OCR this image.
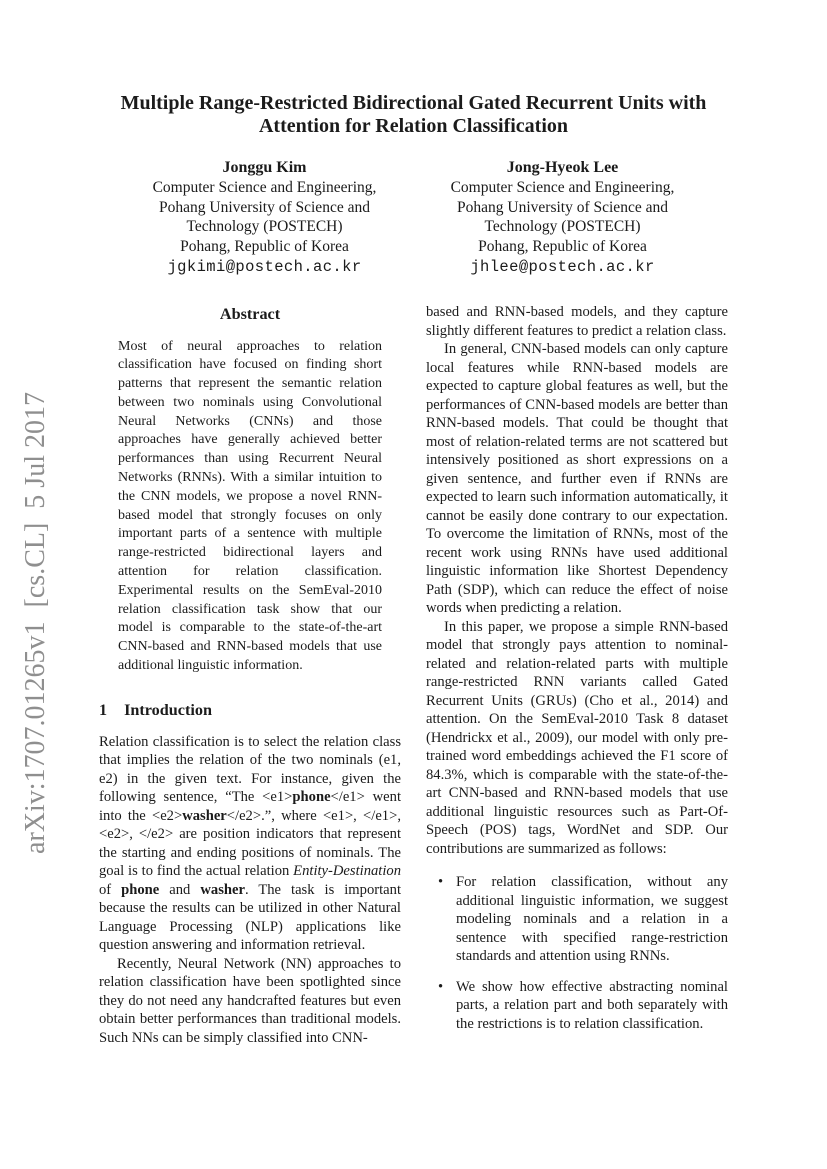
arXiv:1707.01265v1  [cs.CL]  5 Jul 2017
Multiple Range-Restricted Bidirectional Gated Recurrent Units with
Attention for Relation Classification
Jonggu Kim
Computer Science and Engineering,
Pohang University of Science and
Technology (POSTECH)
Pohang, Republic of Korea
jgkimi@postech.ac.kr
Jong-Hyeok Lee
Computer Science and Engineering,
Pohang University of Science and
Technology (POSTECH)
Pohang, Republic of Korea
jhlee@postech.ac.kr
Abstract

Most of neural approaches to relation classification have focused on finding short patterns that represent the semantic relation between two nominals using Convolutional Neural Networks (CNNs) and those approaches have generally achieved better performances than using Recurrent Neural Networks (RNNs). With a similar intuition to the CNN models, we propose a novel RNN-based model that strongly focuses on only important parts of a sentence with multiple range-restricted bidirectional layers and attention for relation classification. Experimental results on the SemEval-2010 relation classification task show that our model is comparable to the state-of-the-art CNN-based and RNN-based models that use additional linguistic information.

1 Introduction

Relation classification is to select the relation class that implies the relation of the two nominals (e1, e2) in the given text. For instance, given the following sentence, “The <e1>phone</e1> went into the <e2>washer</e2>.”, where <e1>, </e1>, <e2>, </e2> are position indicators that represent the starting and ending positions of nominals. The goal is to find the actual relation Entity-Destination of phone and washer. The task is important because the results can be utilized in other Natural Language Processing (NLP) applications like question answering and information retrieval.

Recently, Neural Network (NN) approaches to relation classification have been spotlighted since they do not need any handcrafted features but even obtain better performances than traditional models. Such NNs can be simply classified into CNN-

based and RNN-based models, and they capture slightly different features to predict a relation class.

In general, CNN-based models can only capture local features while RNN-based models are expected to capture global features as well, but the performances of CNN-based models are better than RNN-based models. That could be thought that most of relation-related terms are not scattered but intensively positioned as short expressions on a given sentence, and further even if RNNs are expected to learn such information automatically, it cannot be easily done contrary to our expectation. To overcome the limitation of RNNs, most of the recent work using RNNs have used additional linguistic information like Shortest Dependency Path (SDP), which can reduce the effect of noise words when predicting a relation.

In this paper, we propose a simple RNN-based model that strongly pays attention to nominal-related and relation-related parts with multiple range-restricted RNN variants called Gated Recurrent Units (GRUs) (Cho et al., 2014) and attention. On the SemEval-2010 Task 8 dataset (Hendrickx et al., 2009), our model with only pre-trained word embeddings achieved the F1 score of 84.3%, which is comparable with the state-of-the-art CNN-based and RNN-based models that use additional linguistic resources such as Part-Of-Speech (POS) tags, WordNet and SDP. Our contributions are summarized as follows:

• For relation classification, without any additional linguistic information, we suggest modeling nominals and a relation in a sentence with specified range-restriction standards and attention using RNNs.
• We show how effective abstracting nominal parts, a relation part and both separately with the restrictions is to relation classification.
